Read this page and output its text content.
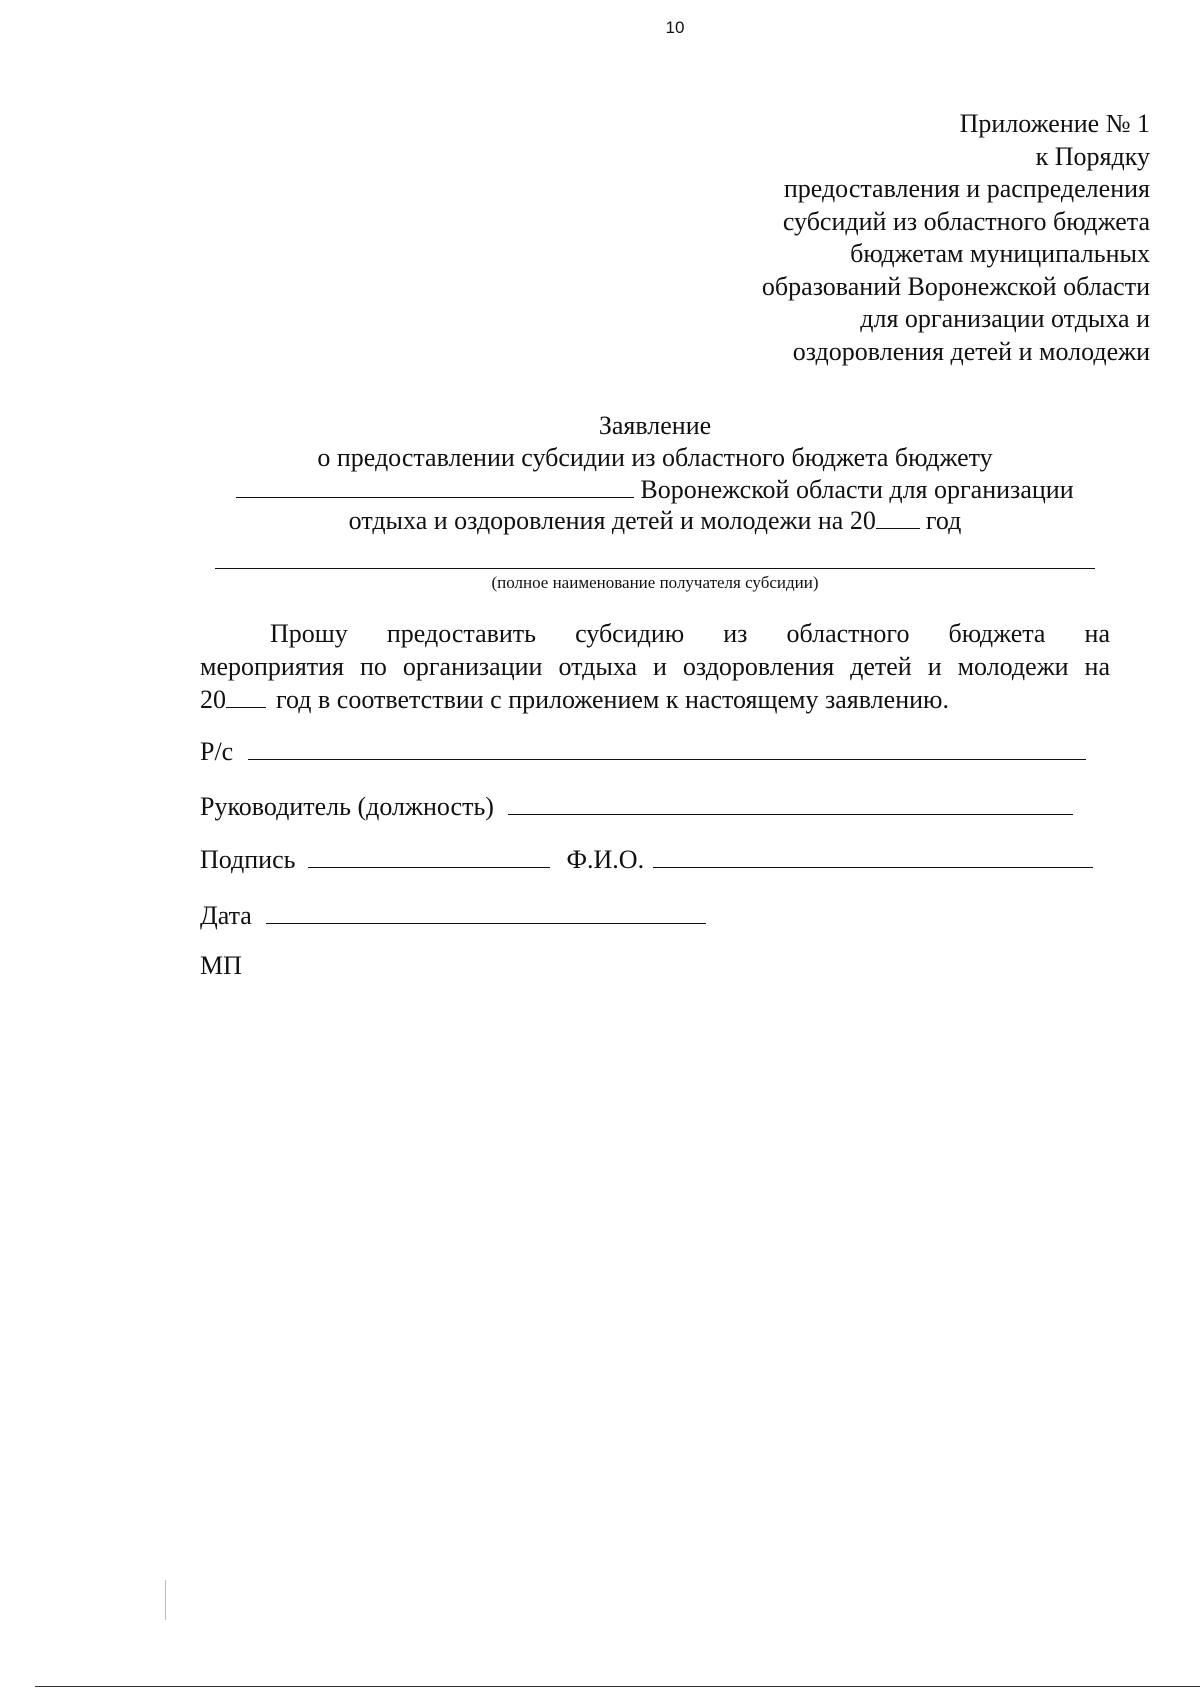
10
Приложение № 1
к Порядку
предоставления и распределения
субсидий из областного бюджета
бюджетам муниципальных
образований Воронежской области
для организации отдыха и
оздоровления детей и молодежи
Заявление
о предоставлении субсидии из областного бюджета бюджету
Воронежской области для организации
отдыха и оздоровления детей и молодежи на 20 год
(полное наименование получателя субсидии)
Прошу предоставить субсидию из областного бюджета на
мероприятия по организации отдыха и оздоровления детей и молодежи на
20 год в соответствии с приложением к настоящему заявлению.
Р/с
Руководитель (должность)
Подпись	Ф.И.О.
Дата
МП
